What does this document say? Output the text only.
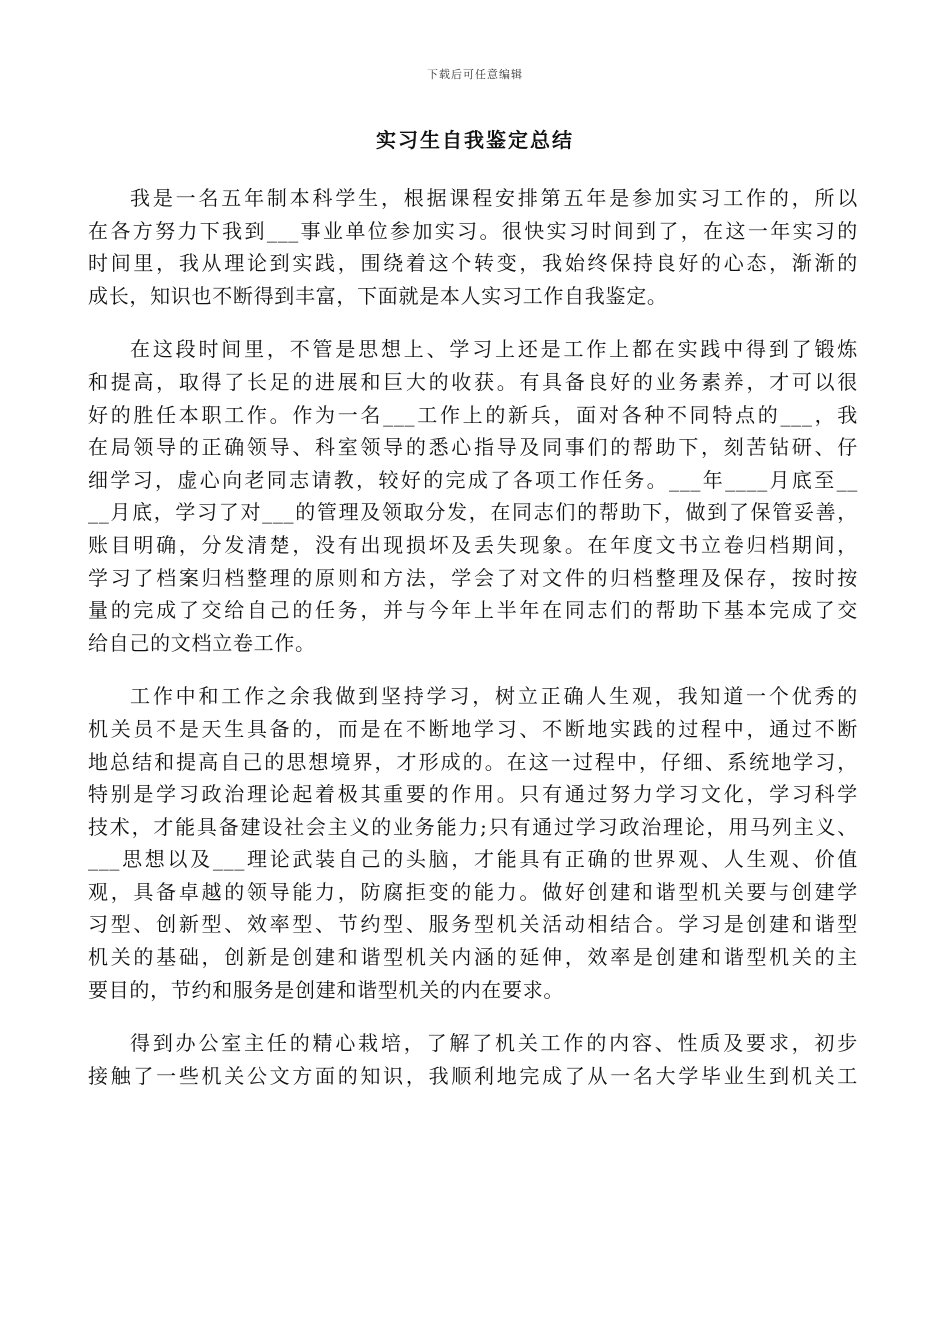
下载后可任意编辑
实习生自我鉴定总结
我是一名五年制本科学生，根据课程安排第五年是参加实习工作的，所以
在各方努力下我到___事业单位参加实习。很快实习时间到了，在这一年实习的
时间里，我从理论到实践，围绕着这个转变，我始终保持良好的心态，渐渐的
成长，知识也不断得到丰富，下面就是本人实习工作自我鉴定。
在这段时间里，不管是思想上、学习上还是工作上都在实践中得到了锻炼
和提高，取得了长足的进展和巨大的收获。有具备良好的业务素养，才可以很
好的胜任本职工作。作为一名___工作上的新兵，面对各种不同特点的___，我
在局领导的正确领导、科室领导的悉心指导及同事们的帮助下，刻苦钻研、仔
细学习，虚心向老同志请教，较好的完成了各项工作任务。___年____月底至__
__月底，学习了对___的管理及领取分发，在同志们的帮助下，做到了保管妥善，
账目明确，分发清楚，没有出现损坏及丢失现象。在年度文书立卷归档期间，
学习了档案归档整理的原则和方法，学会了对文件的归档整理及保存，按时按
量的完成了交给自己的任务，并与今年上半年在同志们的帮助下基本完成了交
给自己的文档立卷工作。
工作中和工作之余我做到坚持学习，树立正确人生观，我知道一个优秀的
机关员不是天生具备的，而是在不断地学习、不断地实践的过程中，通过不断
地总结和提高自己的思想境界，才形成的。在这一过程中，仔细、系统地学习，
特别是学习政治理论起着极其重要的作用。只有通过努力学习文化，学习科学
技术，才能具备建设社会主义的业务能力;只有通过学习政治理论，用马列主义、
___思想以及___理论武装自己的头脑，才能具有正确的世界观、人生观、价值
观，具备卓越的领导能力，防腐拒变的能力。做好创建和谐型机关要与创建学
习型、创新型、效率型、节约型、服务型机关活动相结合。学习是创建和谐型
机关的基础，创新是创建和谐型机关内涵的延伸，效率是创建和谐型机关的主
要目的，节约和服务是创建和谐型机关的内在要求。
得到办公室主任的精心栽培，了解了机关工作的内容、性质及要求，初步
接触了一些机关公文方面的知识，我顺利地完成了从一名大学毕业生到机关工
